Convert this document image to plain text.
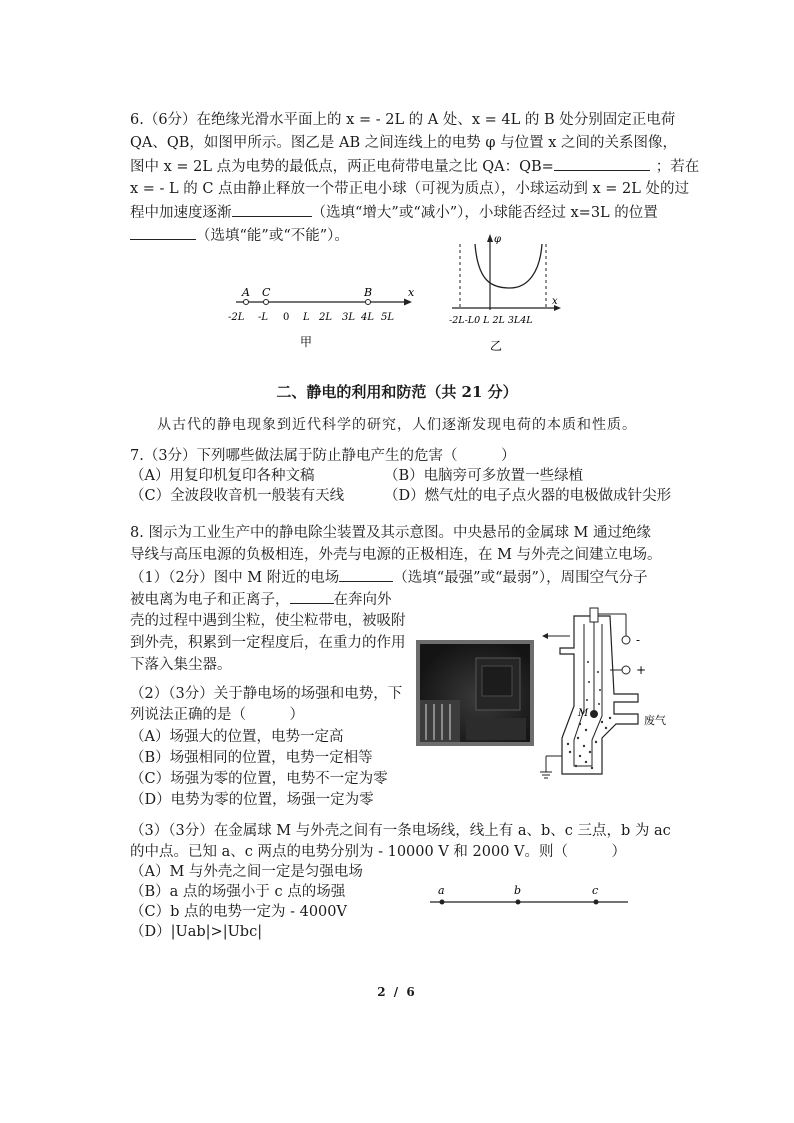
6.（6分）在绝缘光滑水平面上的 x = - 2L 的 A 处、x = 4L 的 B 处分别固定正电荷
QA、QB，如图甲所示。图乙是 AB 之间连线上的电势 φ 与位置 x 之间的关系图像，
图中 x = 2L 点为电势的最低点，两正电荷带电量之比 QA：QB=	；若在
x = - L 的 C 点由静止释放一个带正电小球（可视为质点），小球运动到 x = 2L 处的过
程中加速度逐渐	（选填“增大”或“减小”），小球能否经过 x=3L 的位置
（选填“能”或“不能”）。
x
A C	B
-2L -L 0 L 2L 3L 4L 5L
甲
φ
x
-2L-L0 L 2L 3L4L
乙
二、静电的利用和防范（共 21 分）
从古代的静电现象到近代科学的研究，人们逐渐发现电荷的本质和性质。
7.（3分）下列哪些做法属于防止静电产生的危害（　　　）
（A）用复印机复印各种文稿	（B）电脑旁可多放置一些绿植
（C）全波段收音机一般装有天线	（D）燃气灶的电子点火器的电极做成针尖形
8. 图示为工业生产中的静电除尘装置及其示意图。中央悬吊的金属球 M 通过绝缘
导线与高压电源的负极相连，外壳与电源的正极相连，在 M 与外壳之间建立电场。
（1）（2分）图中 M 附近的电场	（选填“最强”或“最弱”），周围空气分子
被电离为电子和正离子，	在奔向外
壳的过程中遇到尘粒，使尘粒带电，被吸附
到外壳，积累到一定程度后，在重力的作用
下落入集尘器。
（2）（3分）关于静电场的场强和电势，下
列说法正确的是（　　　）
（A）场强大的位置，电势一定高
（B）场强相同的位置，电势一定相等
（C）场强为零的位置，电势不一定为零
（D）电势为零的位置，场强一定为零
M
-
+
废气
（3）（3分）在金属球 M 与外壳之间有一条电场线，线上有 a、b、c 三点，b 为 ac
的中点。已知 a、c 两点的电势分别为 - 10000 V 和 2000 V。则（　　　）
（A）M 与外壳之间一定是匀强电场
（B）a 点的场强小于 c 点的场强
（C）b 点的电势一定为 - 4000V
（D）|Uab|>|Ubc|
a	b	c
2 / 6
